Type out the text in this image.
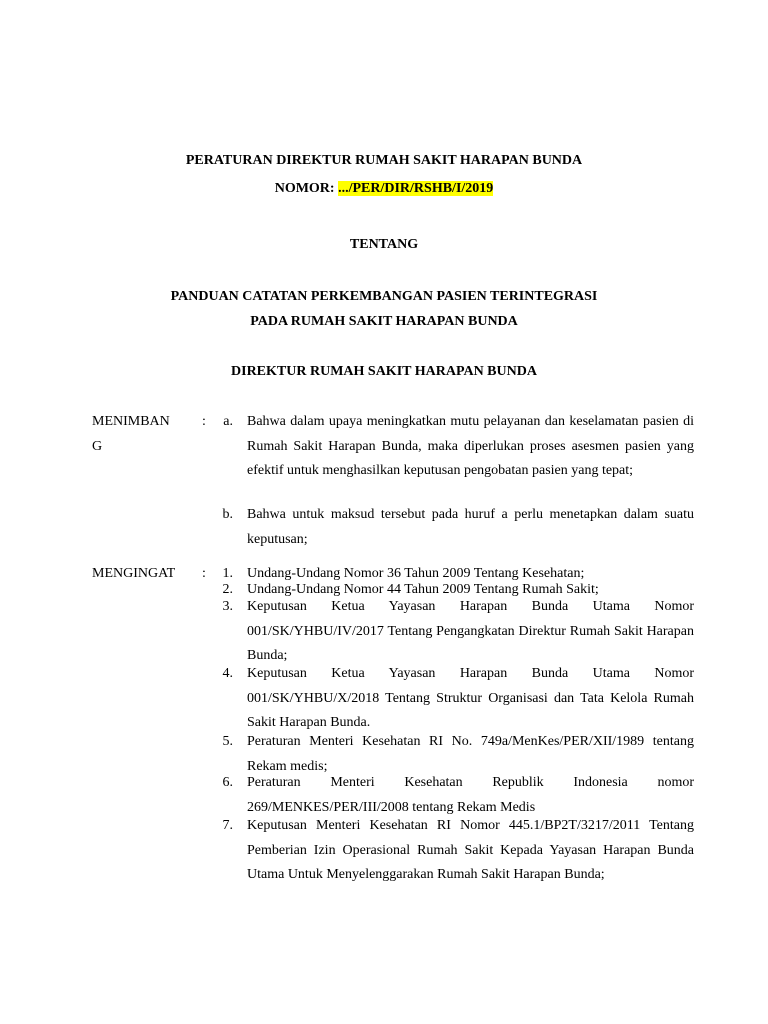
PERATURAN DIREKTUR RUMAH SAKIT HARAPAN BUNDA
NOMOR: .../PER/DIR/RSHB/I/2019
TENTANG
PANDUAN CATATAN PERKEMBANGAN PASIEN TERINTEGRASI
PADA RUMAH SAKIT HARAPAN BUNDA
DIREKTUR RUMAH SAKIT HARAPAN BUNDA
MENIMBAN
G
:	a. Bahwa dalam upaya meningkatkan mutu pelayanan dan keselamatan pasien di Rumah Sakit Harapan Bunda, maka diperlukan proses asesmen pasien yang efektif untuk menghasilkan keputusan pengobatan pasien yang tepat;
b. Bahwa untuk maksud tersebut pada huruf a perlu menetapkan dalam suatu keputusan;
MENGINGAT :	1. Undang-Undang Nomor 36 Tahun 2009 Tentang Kesehatan;
2. Undang-Undang Nomor 44 Tahun 2009 Tentang Rumah Sakit;
3. Keputusan Ketua Yayasan Harapan Bunda Utama Nomor 001/SK/YHBU/IV/2017 Tentang Pengangkatan Direktur Rumah Sakit Harapan Bunda;
4. Keputusan Ketua Yayasan Harapan Bunda Utama Nomor 001/SK/YHBU/X/2018 Tentang Struktur Organisasi dan Tata Kelola Rumah Sakit Harapan Bunda.
5. Peraturan Menteri Kesehatan RI No. 749a/MenKes/PER/XII/1989 tentang Rekam medis;
6. Peraturan Menteri Kesehatan Republik Indonesia nomor 269/MENKES/PER/III/2008 tentang Rekam Medis
7. Keputusan Menteri Kesehatan RI Nomor 445.1/BP2T/3217/2011 Tentang Pemberian Izin Operasional Rumah Sakit Kepada Yayasan Harapan Bunda Utama Untuk Menyelenggarakan Rumah Sakit Harapan Bunda;
